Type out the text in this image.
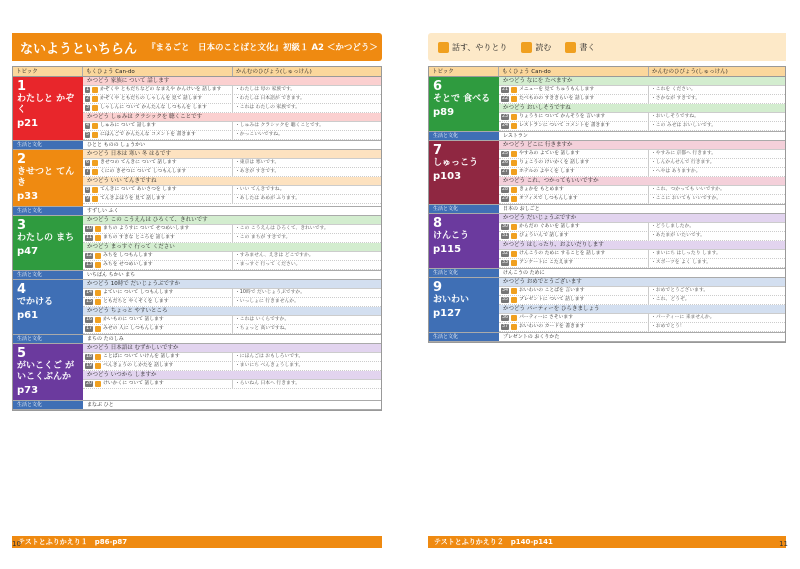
ないようといちらん 『まるごと　日本のことばと文化』初級１ A2 ＜かつどう＞
トピック	もくひょう Can-do	かんむのひびょう(しゅっけん)
1
わたしと かぞく
p21
かつどう 家族に ついて 話します
1 かぞくや ともだちなどの なまえや かんけいを 話します	・わたしは 母の 家族です。
2 かぞくや ともだちの しゃしんを 見て 話します	・わたしは 日本語が できます。
3 しゃしんに ついて かんたんな しつもんを します	・これは わたしの 家族です。
かつどう しゅみは クラシックを 聴くことです
4 しゅみに ついて 話します	・しゅみは クラシックを 聴くことです。
5 にほんごで かんたんな コメントを 書きます	・かっこいいですね。
生活と文化	ひとと ものの しょうかい
2
きせつと てんき
p33
かつどう 日本は 寒い 冬 はるです
6 きせつの てんきに ついて 話します	・東京は 寒いです。
7 くにの きせつに ついて しつもんします	・あきが すきです。
かつどう いい てんきですね
8 てんきに ついて あいさつを します	・いい てんきですね。
9 てんきよほうを 見て 話します	・あしたは あめが ふります。
生活と文化	すずしい ふく
3
わたしの まち
p47
かつどう この こうえんは ひろくて、きれいです
10 まちの ようすに ついて せつめいします	・この こうえんは ひろくて、きれいです。
11 まちの すきな ところを 話します	・この まちが すきです。
かつどう まっすぐ 行って ください
12 みちを しつもんします	・すみません、えきは どこですか。
13 みちを せつめいします	・まっすぐ 行って ください。
生活と文化	いちばん ちかい まち
4
でかける
p61
かつどう 10時で だいじょうぶですか
14 よていに ついて しつもんします	・10時で だいじょうぶですか。
15 ともだちと やくそくを します	・いっしょに 行きませんか。
かつどう ちょっと やすいところ
16 かいものに ついて 話します	・これは いくらですか。
17 みせの 人に しつもんします	・ちょっと 高いですね。
生活と文化	まちの たのしみ
5
がいこくご がいこくぶんか
p73
かつどう 日本語は むずかしいですか
18 ことばに ついて いけんを 話します	・にほんごは おもしろいです。
19 べんきょうの しかたを 話します	・まいにち べんきょうします。
かつどう いつから しますか
20 けいかくに ついて 話します	・らいねん 日本へ 行きます。
生活と文化	まなぶ ひと
テストとふりかえり１　p86-p87
10
話す、やりとり	読む	書く
トピック	もくひょう Can-do	かんむのひびょう(しゅっけん)
6
そとで 食べる
p89
かつどう なにを たべますか
21 メニューを 見て ちゅうもんします	・これを ください。
22 たべものの すききらいを 話します	・さかなが すきです。
かつどう おいしそうですね
23 りょうりに ついて かんそうを 言います	・おいしそうですね。
24 レストランに ついて コメントを 書きます	・この みせは おいしいです。
生活と文化	レストラン
7
しゅっこう
p103
かつどう どこに 行きますか
25 やすみの よていを 話します	・やすみに 京都へ 行きます。
26 りょこうの けいかくを 話します	・しんかんせんで 行きます。
27 ホテルの よやくを します	・へやは ありますか。
かつどう これ、つかってもいいですか
28 きょかを もとめます	・これ、つかっても いいですか。
29 オフィスで しつもんします	・ここに おいても いいですか。
生活と文化	日本の おしごと
8
けんこう
p115
かつどう だいじょうぶですか
30 からだの ぐあいを 話します	・どうしましたか。
31 びょういんで 話します	・あたまが いたいです。
かつどう はしったり、およいだりします
32 けんこうの ために することを 話します	・まいにち はしったり します。
33 アンケートに こたえます	・スポーツを よく します。
生活と文化	けんこうの ために
9
おいわい
p127
かつどう おめでとうございます
34 おいわいの ことばを 言います	・おめでとうございます。
35 プレゼントに ついて 話します	・これ、どうぞ。
かつどう パーティーを ひらきましょう
36 パーティーに さそいます	・パーティーに 来ませんか。
37 おいわいの カードを 書きます	・おめでとう！
生活と文化	プレゼントの おくりかた
テストとふりかえり２　p140-p141	11
